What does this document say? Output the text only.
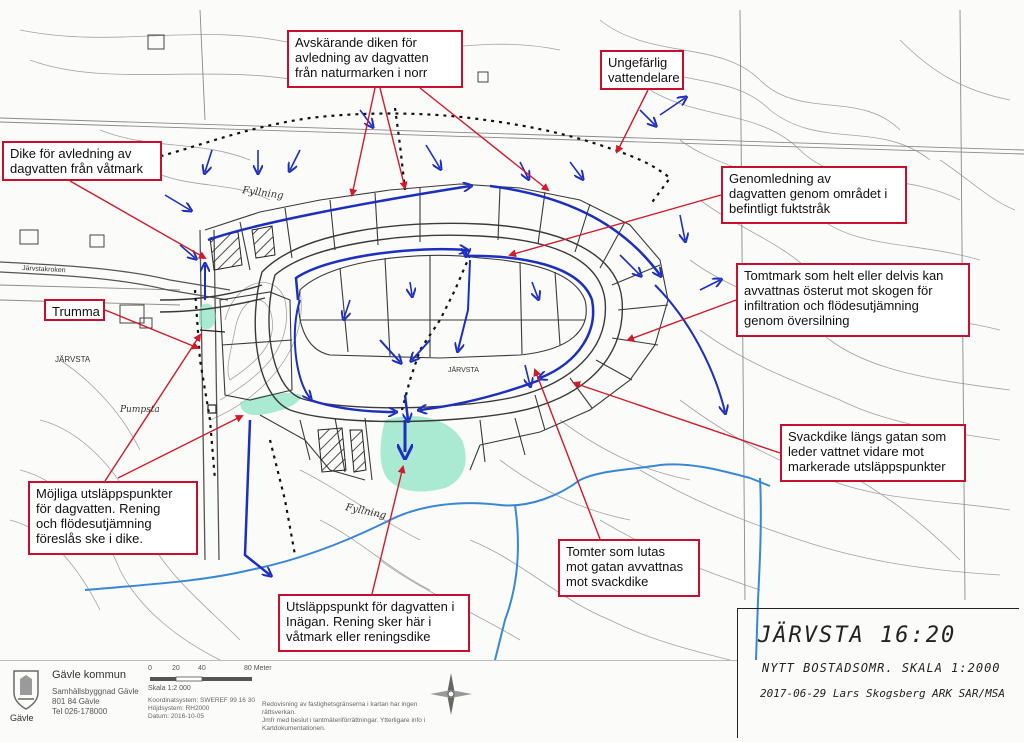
Fyllning
Fyllning
JÄRVSTA
JÄRVSTA
Järvstakroken
Pumpsta
Avskärande diken för
avledning av dagvatten
från naturmarken i norr
Ungefärlig
vattendelare
Dike för avledning av
dagvatten från våtmark
Genomledning av
dagvatten genom området i
befintligt fuktstråk
Tomtmark som helt eller delvis kan
avvattnas österut mot skogen för
infiltration och flödesutjämning
genom översilning
Trumma
Svackdike längs gatan som
leder vattnet vidare mot
markerade utsläppspunkter
Möjliga utsläppspunkter
för dagvatten. Rening
och flödesutjämning
föreslås ske i dike.
Tomter som lutas
mot gatan avvattnas
mot svackdike
Utsläppspunkt för dagvatten i
Inägan. Rening sker här i
våtmark eller reningsdike	JÄRVSTA 16:20
NYTT BOSTADSOMR. SKALA 1:2000
2017-06-29 Lars Skogsberg ARK SAR/MSA
Gävle
Gävle kommun
Samhällsbyggnad Gävle
801 84 Gävle
Tel 026-178000
0	20	40	80 Meter
Skala 1:2 000
Koordinatsystem: SWEREF 99 16 30
Höjdsystem: RH2000
Datum: 2016-10-05
Redovisning av fastighetsgränserna i kartan har ingen rättsverkan.
Jmfr med beslut i lantmäteriförrättningar. Ytterligare info i Kartdokumentationen.
